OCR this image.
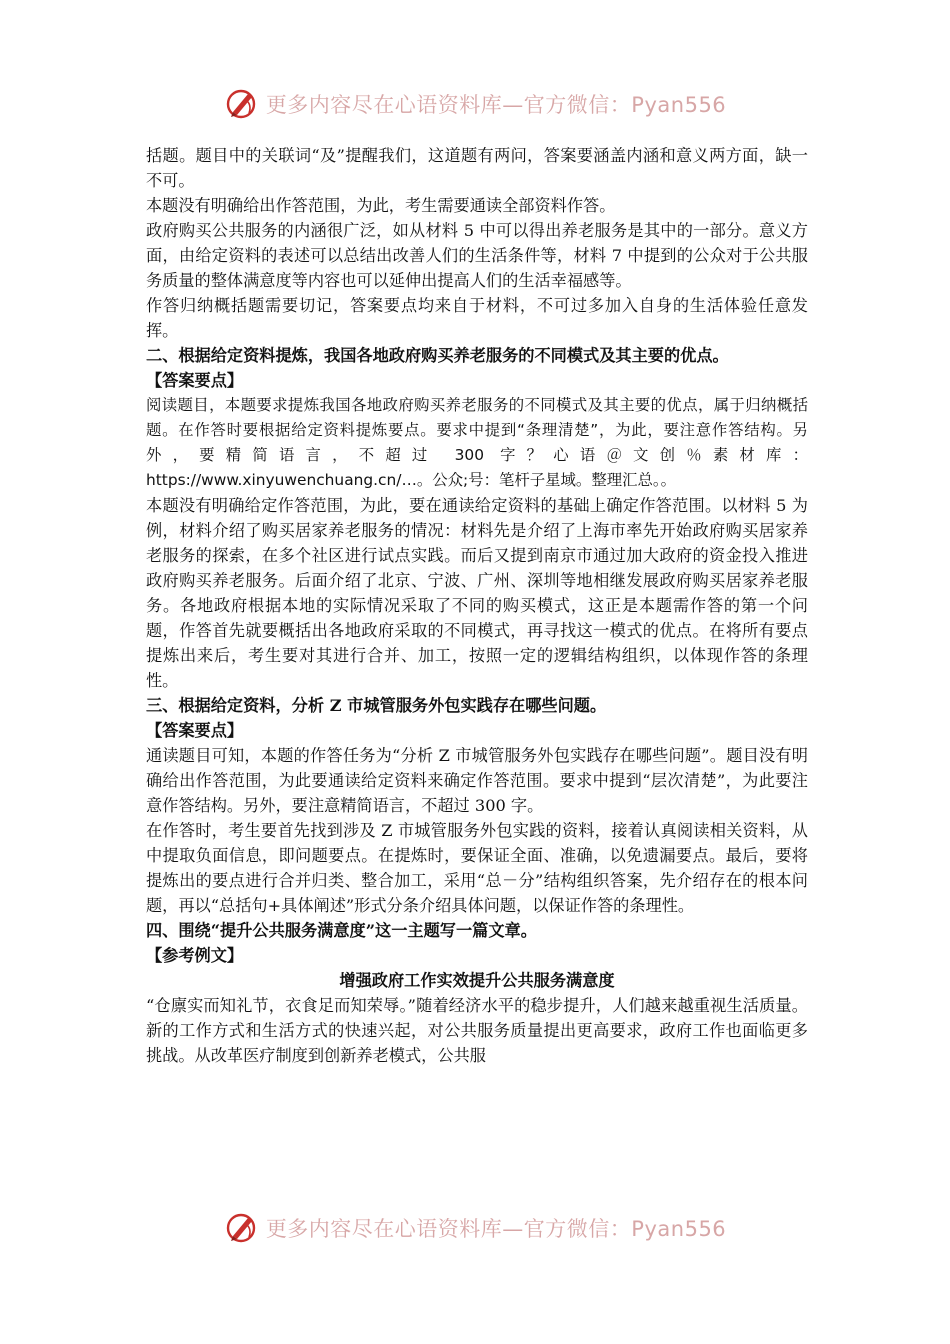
更多内容尽在心语资料库—官方微信：Pyan556

括题。题目中的关联词“及”提醒我们，这道题有两问，答案要涵盖内涵和意义两方面，缺一不可。

本题没有明确给出作答范围，为此，考生需要通读全部资料作答。

政府购买公共服务的内涵很广泛，如从材料 5 中可以得出养老服务是其中的一部分。意义方面，由给定资料的表述可以总结出改善人们的生活条件等，材料 7 中提到的公众对于公共服务质量的整体满意度等内容也可以延伸出提高人们的生活幸福感等。

作答归纳概括题需要切记，答案要点均来自于材料，不可过多加入自身的生活体验任意发挥。

二、根据给定资料提炼，我国各地政府购买养老服务的不同模式及其主要的优点。

【答案要点】

阅读题目，本题要求提炼我国各地政府购买养老服务的不同模式及其主要的优点，属于归纳概括题。在作答时要根据给定资料提炼要点。要求中提到“条理清楚”，为此，要注意作答结构。另外，要精简语言，不超过 300 字？心语＠文创％素材库：https://www.xinyuwenchuang.cn/…。公众;号：笔杆子星域。整理汇总。。

本题没有明确给定作答范围，为此，要在通读给定资料的基础上确定作答范围。以材料 5 为例，材料介绍了购买居家养老服务的情况：材料先是介绍了上海市率先开始政府购买居家养老服务的探索，在多个社区进行试点实践。而后又提到南京市通过加大政府的资金投入推进政府购买养老服务。后面介绍了北京、宁波、广州、深圳等地相继发展政府购买居家养老服务。各地政府根据本地的实际情况采取了不同的购买模式，这正是本题需作答的第一个问题，作答首先就要概括出各地政府采取的不同模式，再寻找这一模式的优点。在将所有要点提炼出来后，考生要对其进行合并、加工，按照一定的逻辑结构组织，以体现作答的条理性。

三、根据给定资料，分析 Z 市城管服务外包实践存在哪些问题。

【答案要点】

通读题目可知，本题的作答任务为“分析 Z 市城管服务外包实践存在哪些问题”。题目没有明确给出作答范围，为此要通读给定资料来确定作答范围。要求中提到“层次清楚”，为此要注意作答结构。另外，要注意精简语言，不超过 300 字。

在作答时，考生要首先找到涉及 Z 市城管服务外包实践的资料，接着认真阅读相关资料，从中提取负面信息，即问题要点。在提炼时，要保证全面、准确，以免遗漏要点。最后，要将提炼出的要点进行合并归类、整合加工，采用“总－分”结构组织答案，先介绍存在的根本问题，再以“总括句+具体阐述”形式分条介绍具体问题，以保证作答的条理性。

四、围绕“提升公共服务满意度”这一主题写一篇文章。

【参考例文】

增强政府工作实效提升公共服务满意度

“仓廪实而知礼节，衣食足而知荣辱。”随着经济水平的稳步提升，人们越来越重视生活质量。新的工作方式和生活方式的快速兴起，对公共服务质量提出更高要求，政府工作也面临更多挑战。从改革医疗制度到创新养老模式，公共服

更多内容尽在心语资料库—官方微信：Pyan556
